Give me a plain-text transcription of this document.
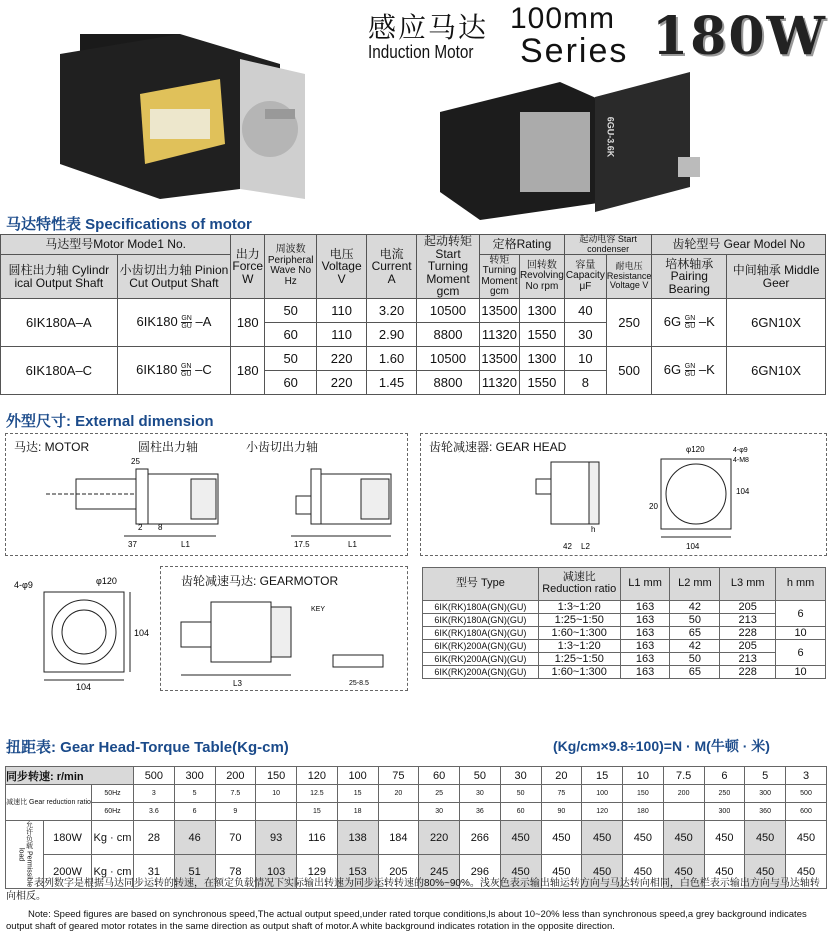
6GU-3.6K
感应马达
Induction Motor
100mm
Series 180W
马达特性表 Specifications of motor
马达型号Motor Mode1 No.		出力 Force W	周波数 Peripheral Wave No Hz	电压 Voltage V	电流 Current A	起动转矩 Start Turning Moment gcm	定格Rating		起动电容 Start condenser		齿轮型号 Gear Model No	
圆柱出力轴 Cylindr ical Output Shaft	小齿切出力轴 Pinion Cut Output Shaft						转矩 Turning Moment gcm	回转数 Revolving No rpm	容量 Capacity μF	耐电压 Resistance Voltage V	培林轴承 Pairing Bearing	中间轴承 Middle Geer
6IK180A–A	$6IK180 \frac{GN}{GU} -A$	180	50	110	3.20	10500	13500	1300	40	250	$6G \frac{GN}{GU} -K$	6GN10X
			60	110	2.90	8800	11320	1550	30			
6IK180A–C	$6IK180 \frac{GN}{GU} -C$	180	50	220	1.60	10500	13500	1300	10	500	$6G \frac{GN}{GU} -K$	6GN10X
			60	220	1.45	8800	11320	1550	8			
外型尺寸: External dimension
马达: MOTOR	圆柱出力轴	小齿切出力轴
25
37	L1
2 8
17.5	L1
齿轮减速器: GEAR HEAD
42 L2
h
φ120	4-φ9
4-M8
104
104
20
4-φ9	φ120
104
104
齿轮减速马达: GEARMOTOR
KEY
L3	25-8.5
型号 Type	减速比 Reduction ratio	L1 mm	L2 mm	L3 mm	h mm
6IK(RK)180A(GN)(GU)	1:3~1:20	163	42	205	6
6IK(RK)180A(GN)(GU)	1:25~1:50	163	50	213	
6IK(RK)180A(GN)(GU)	1:60~1:300	163	65	228	10
6IK(RK)200A(GN)(GU)	1:3~1:20	163	42	205	6
6IK(RK)200A(GN)(GU)	1:25~1:50	163	50	213	
6IK(RK)200A(GN)(GU)	1:60~1:300	163	65	228	10
扭距表: Gear Head-Torque Table(Kg-cm)	(Kg/cm×9.8÷100)=N · M(牛顿 · 米)
同步转速: r/min			500	300	200	150	120	100	75	60	50	30	20	15	10	7.5	6	5	3
减速比 Gear reduction ratio		50Hz	3	5	7.5	10	12.5	15	20	25	30	50	75	100	150	200	250	300	500
		60Hz	3.6	6	9		15	18		30	36	60	90	120	180		300	360	600
允许负载 Permissible load	180W	Kg · cm	28	46	70	93	116	138	184	220	266	450	450	450	450	450	450	450	450
	200W	Kg · cm	31	51	78	103	129	153	205	245	296	450	450	450	450	450	450	450	450
表列数字是根据马达同步运转的转速，在额定负载情况下实际输出转速为同步运转转速的80%~90%。浅灰色表示输出轴运转方向与马达转向相同，白色栏表示输出方向与马达轴转向相反。
Note: Speed figures are based on synchronous speed,The actual output speed,under rated torque conditions,ls about 10~20% less than synchronous speed,a grey background indicates output shaft of geared motor rotates in the same direction as output shaft of motor.A white background indicates rotation in the opposite direction.
